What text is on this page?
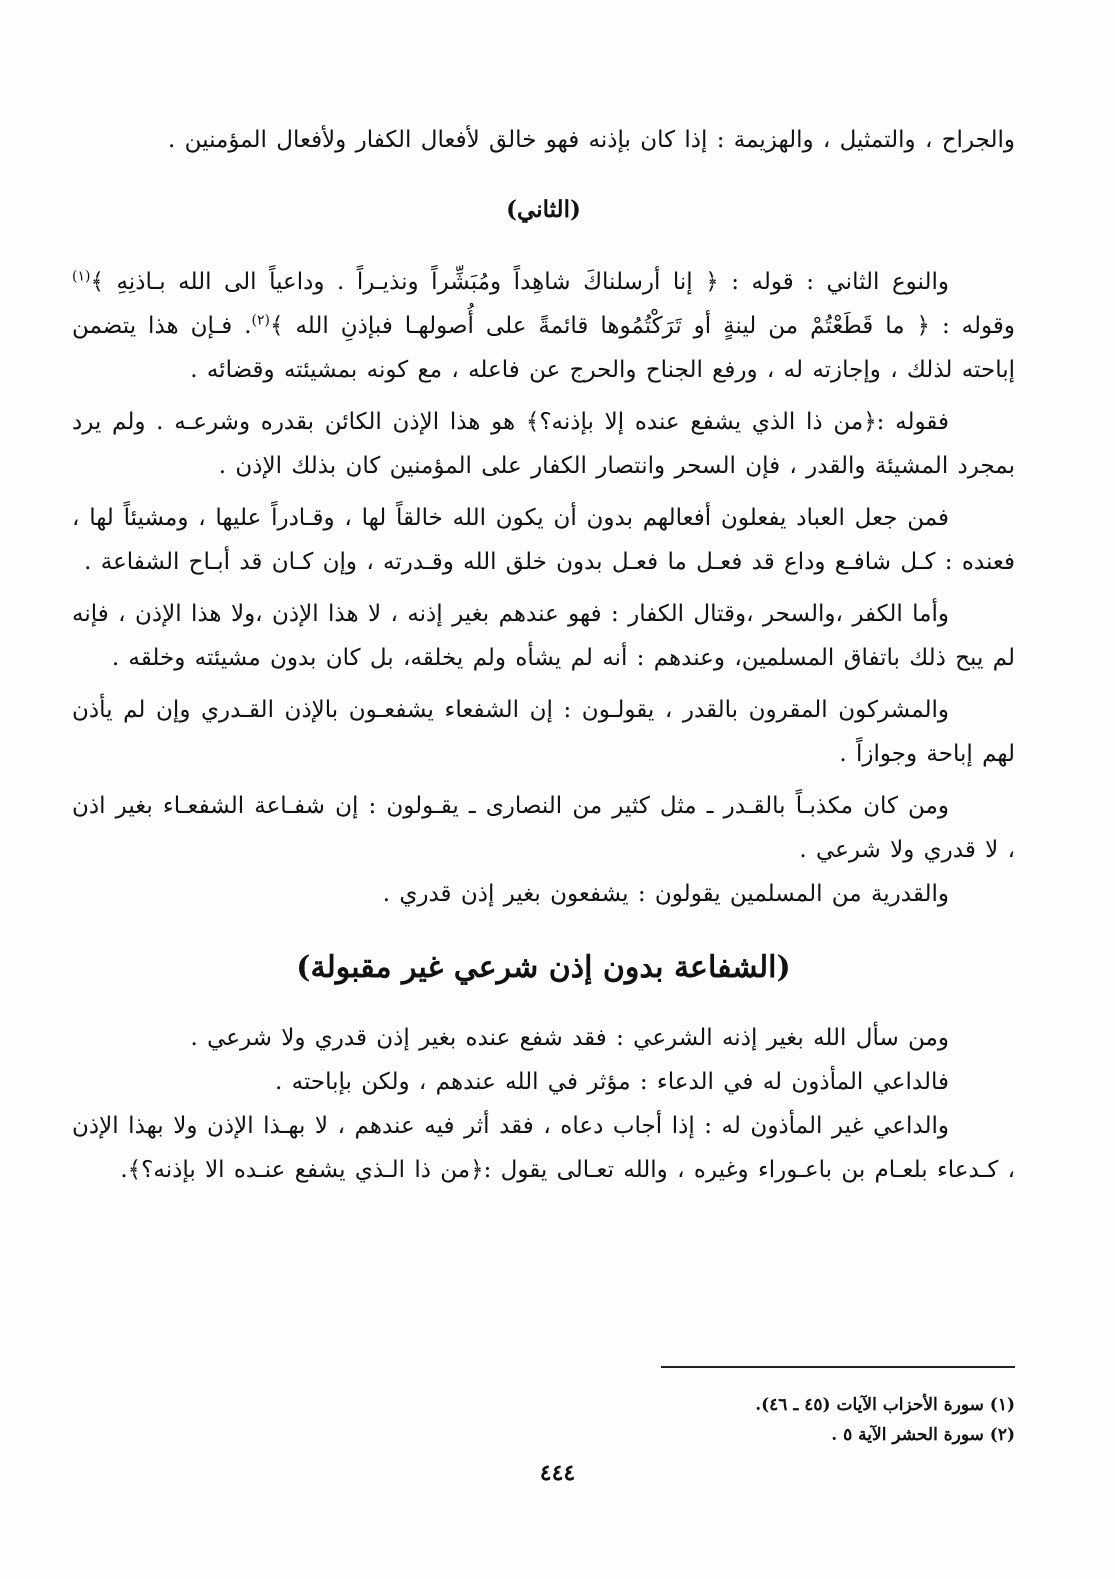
والجراح ، والتمثيل ، والهزيمة : إذا كان بإذنه فهو خالق لأفعال الكفار ولأفعال المؤمنين .

(الثاني)

والنوع الثاني : قوله : ﴿ إنا أرسلناكَ شاهِداً ومُبَشِّراً ونذيـراً . وداعياً الى الله بـاذنِهِ ﴾$^{(١)}$ وقوله : ﴿ ما قَطَعْتُمْ من لينةٍ أو تَرَكْتُمُوها قائمةً على أُصولهـا فبإذنِ الله ﴾$^{(٢)}$. فـإن هذا يتضمن إباحته لذلك ، وإجازته له ، ورفع الجناح والحرج عن فاعله ، مع كونه بمشيئته وقضائه .

فقوله :﴿من ذا الذي يشفع عنده إلا بإذنه؟﴾ هو هذا الإذن الكائن بقدره وشرعـه . ولم يرد بمجرد المشيئة والقدر ، فإن السحر وانتصار الكفار على المؤمنين كان بذلك الإذن .

فمن جعل العباد يفعلون أفعالهم بدون أن يكون الله خالقاً لها ، وقـادراً عليها ، ومشيئاً لها ، فعنده : كـل شافـع وداع قد فعـل ما فعـل بدون خلق الله وقـدرته ، وإن كـان قد أبـاح الشفاعة .

وأما الكفر ،والسحر ،وقتال الكفار : فهو عندهم بغير إذنه ، لا هذا الإذن ،ولا هذا الإذن ، فإنه لم يبح ذلك باتفاق المسلمين، وعندهم : أنه لم يشأه ولم يخلقه، بل كان بدون مشيئته وخلقه .

والمشركون المقرون بالقدر ، يقولـون : إن الشفعاء يشفعـون بالإذن القـدري وإن لم يأذن لهم إباحة وجوازاً .

ومن كان مكذبـاً بالقـدر ـ مثل كثير من النصارى ـ يقـولون : إن شفـاعة الشفعـاء بغير اذن ، لا قدري ولا شرعي .

والقدرية من المسلمين يقولون : يشفعون بغير إذن قدري .

(الشفاعة بدون إذن شرعي غير مقبولة)

ومن سأل الله بغير إذنه الشرعي : فقد شفع عنده بغير إذن قدري ولا شرعي .

فالداعي المأذون له في الدعاء : مؤثر في الله عندهم ، ولكن بإباحته .

والداعي غير المأذون له : إذا أجاب دعاه ، فقد أثر فيه عندهم ، لا بهـذا الإذن ولا بهذا الإذن ، كـدعاء بلعـام بن باعـوراء وغيره ، والله تعـالى يقول :﴿من ذا الـذي يشفع عنـده الا بإذنه؟﴾.

(١) سورة الأحزاب الآيات (٤٥ ـ ٤٦).

(٢) سورة الحشر الآية ٥ .

٤٤٤
